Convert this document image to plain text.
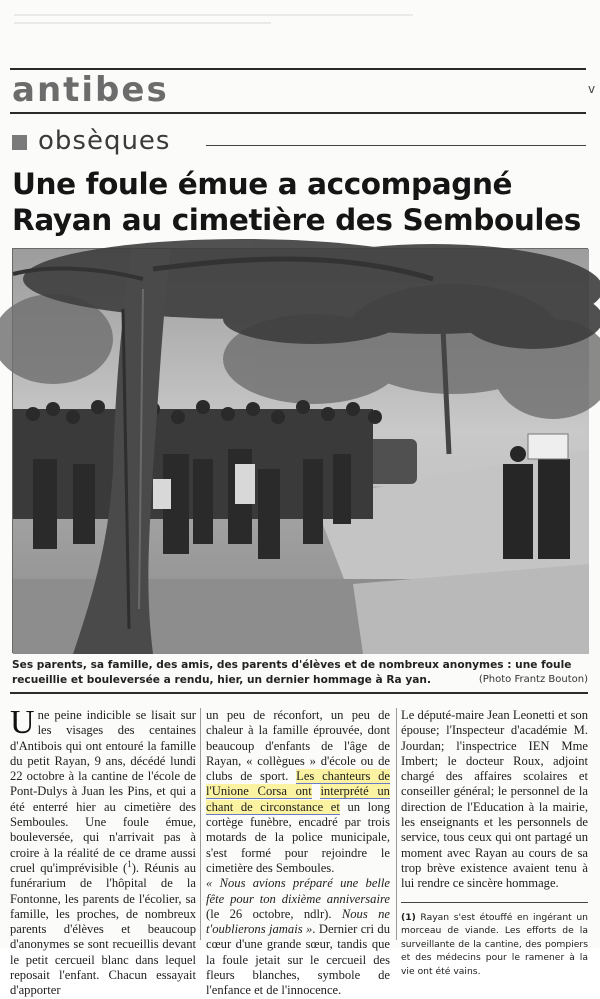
antibes	v
obsèques
Une foule émue a accompagné
Rayan au cimetière des Semboules
Ses parents, sa famille, des amis, des parents d'élèves et de nombreux anonymes : une foule recueillie et bouleversée a rendu, hier, un dernier hommage à Ra yan.	(Photo Frantz Bouton)

Une peine indicible se lisait sur les visages des centaines d'Antibois qui ont entouré la famille du petit Rayan, 9 ans, décédé lundi 22 octobre à la cantine de l'école de Pont-Dulys à Juan les Pins, et qui a été enterré hier au cimetière des Semboules. Une foule émue, bouleversée, qui n'arrivait pas à croire à la réalité de ce drame aussi cruel qu'imprévisible ($^1$). Réunis au funérarium de l'hôpital de la Fontonne, les parents de l'écolier, sa famille, les proches, de nombreux parents d'élèves et beaucoup d'anonymes se sont recueillis devant le petit cercueil blanc dans lequel reposait l'enfant. Chacun essayait d'apporter

un peu de réconfort, un peu de chaleur à la famille éprouvée, dont beaucoup d'enfants de l'âge de Rayan, « collègues » d'école ou de clubs de sport. Les chanteurs de l'Unione Corsa ont interprété un chant de circonstance et un long cortège funèbre, encadré par trois motards de la police municipale, s'est formé pour rejoindre le cimetière des Semboules.
« Nous avions préparé une belle fête pour ton dixième anniversaire (le 26 octobre, ndlr). Nous ne t'oublierons jamais ». Dernier cri du cœur d'une grande sœur, tandis que la foule jetait sur le cercueil des fleurs blanches, symbole de l'enfance et de l'innocence.

Le député-maire Jean Leonetti et son épouse; l'Inspecteur d'académie M. Jourdan; l'inspectrice IEN Mme Imbert; le docteur Roux, adjoint chargé des affaires scolaires et conseiller général; le personnel de la direction de l'Education à la mairie, les enseignants et les personnels de service, tous ceux qui ont partagé un moment avec Rayan au cours de sa trop brève existence avaient tenu à lui rendre ce sincère hommage.

(1) Rayan s'est étouffé en ingérant un morceau de viande. Les efforts de la surveillante de la cantine, des pompiers et des médecins pour le ramener à la vie ont été vains.
